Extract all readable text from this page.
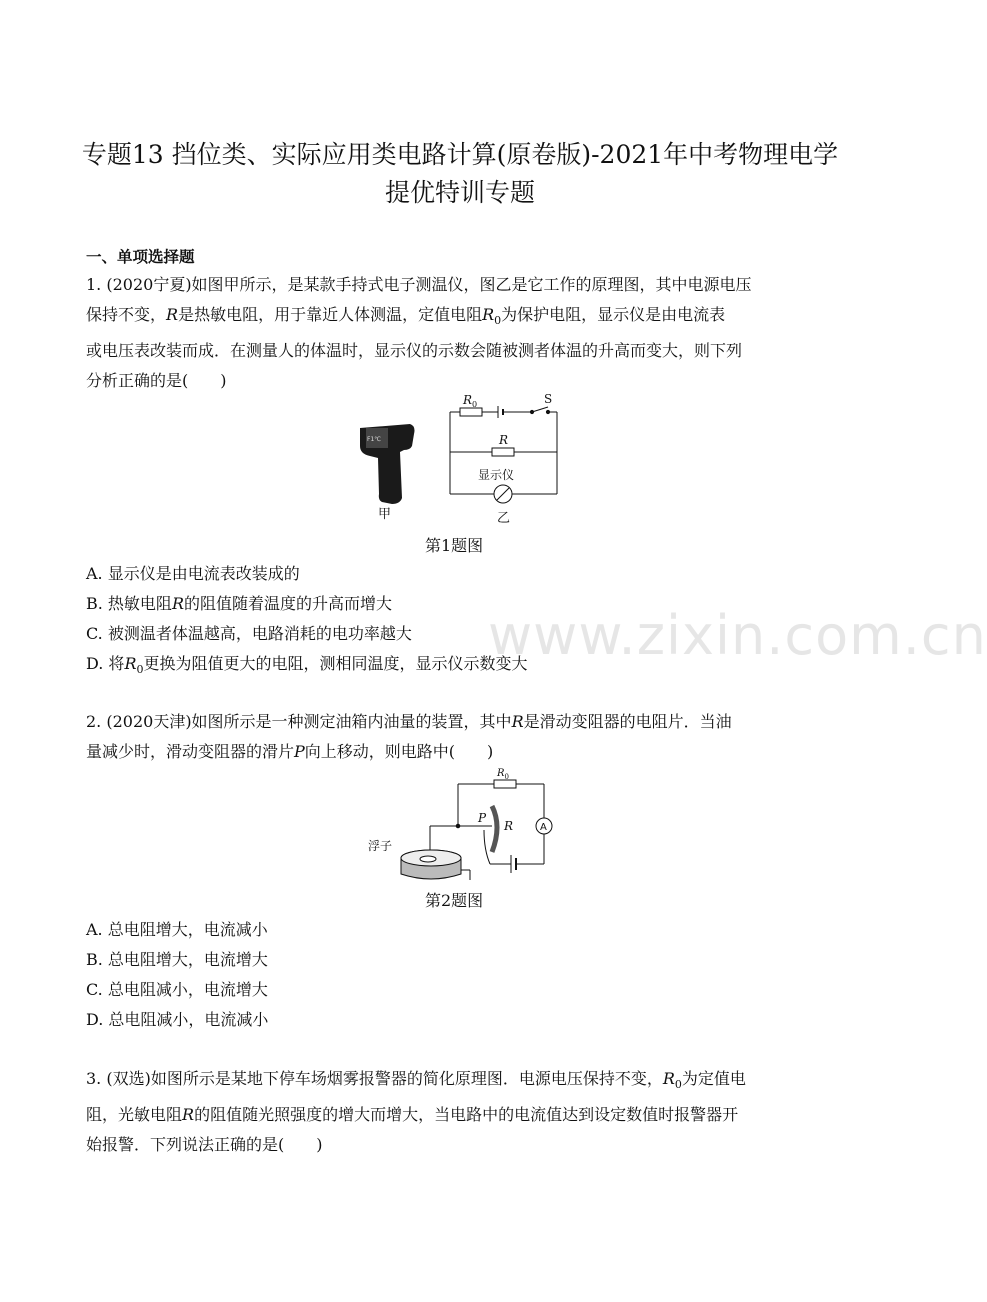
专题13 挡位类、实际应用类电路计算(原卷版)-2021年中考物理电学
提优特训专题
一、单项选择题
1. (2020宁夏)如图甲所示，是某款手持式电子测温仪，图乙是它工作的原理图，其中电源电压
保持不变，R是热敏电阻，用于靠近人体测温，定值电阻$R_0$为保护电阻，显示仪是由电流表
或电压表改装而成．在测量人的体温时，显示仪的示数会随被测者体温的升高而变大，则下列
分析正确的是(　　)
F1℃
甲
$R_0$	S
R
显示仪
乙
第1题图
A. 显示仪是由电流表改装成的
B. 热敏电阻R的阻值随着温度的升高而增大
C. 被测温者体温越高，电路消耗的电功率越大
D. 将$R_0$更换为阻值更大的电阻，测相同温度，显示仪示数变大
www.zixin.com.cn
2. (2020天津)如图所示是一种测定油箱内油量的装置，其中R是滑动变阻器的电阻片．当油
量减少时，滑动变阻器的滑片P向上移动，则电路中(　　)
P
R
$R_0$
A
浮子
第2题图
A. 总电阻增大，电流减小
B. 总电阻增大，电流增大
C. 总电阻减小，电流增大
D. 总电阻减小，电流减小
3. (双选)如图所示是某地下停车场烟雾报警器的简化原理图．电源电压保持不变，$R_0$为定值电
阻，光敏电阻R的阻值随光照强度的增大而增大，当电路中的电流值达到设定数值时报警器开
始报警．下列说法正确的是(　　)
